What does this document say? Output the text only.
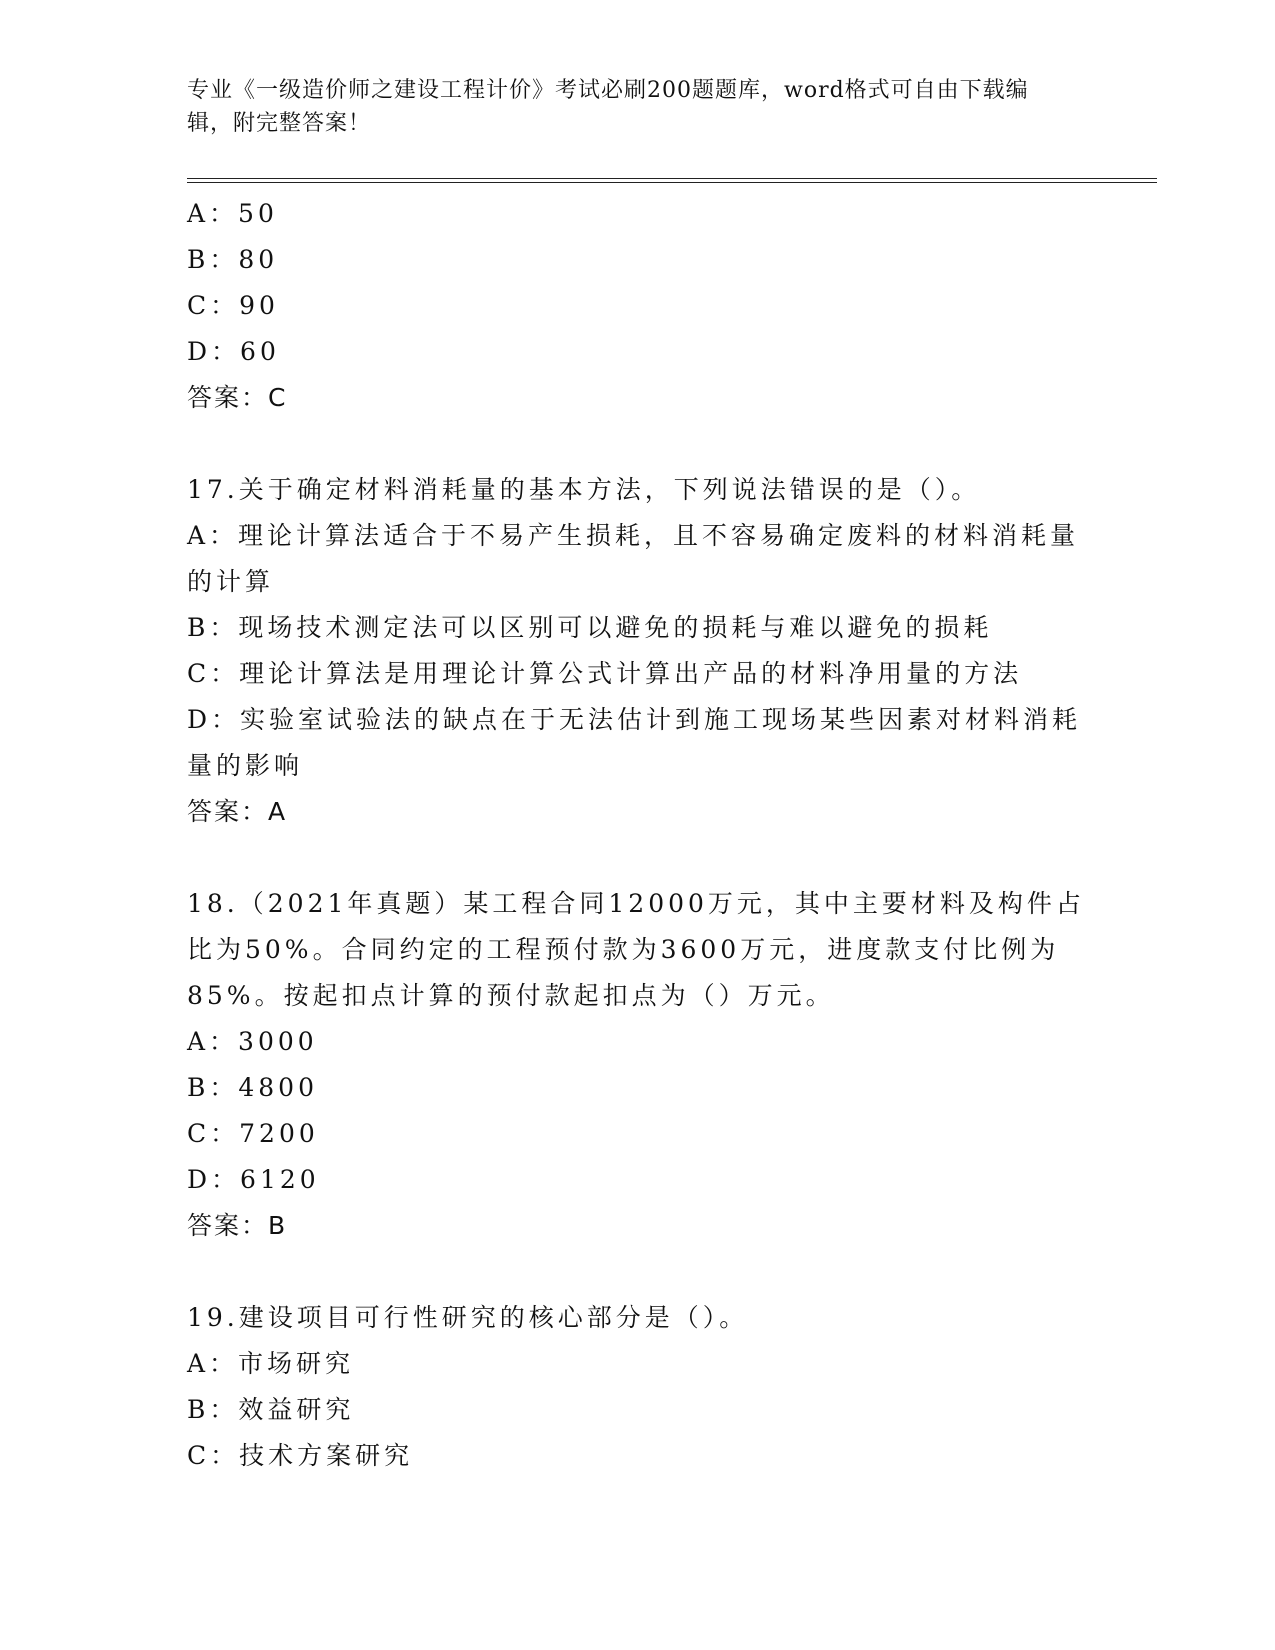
专业《一级造价师之建设工程计价》考试必刷200题题库，word格式可自由下载编辑，附完整答案！
A：50
B：80
C：90
D：60
答案：C
17.关于确定材料消耗量的基本方法，下列说法错误的是（）。
A：理论计算法适合于不易产生损耗，且不容易确定废料的材料消耗量的计算
B：现场技术测定法可以区别可以避免的损耗与难以避免的损耗
C：理论计算法是用理论计算公式计算出产品的材料净用量的方法
D：实验室试验法的缺点在于无法估计到施工现场某些因素对材料消耗量的影响
答案：A
18.（2021年真题）某工程合同12000万元，其中主要材料及构件占比为50%。合同约定的工程预付款为3600万元，进度款支付比例为85%。按起扣点计算的预付款起扣点为（）万元。
A：3000
B：4800
C：7200
D：6120
答案：B
19.建设项目可行性研究的核心部分是（）。
A：市场研究
B：效益研究
C：技术方案研究
